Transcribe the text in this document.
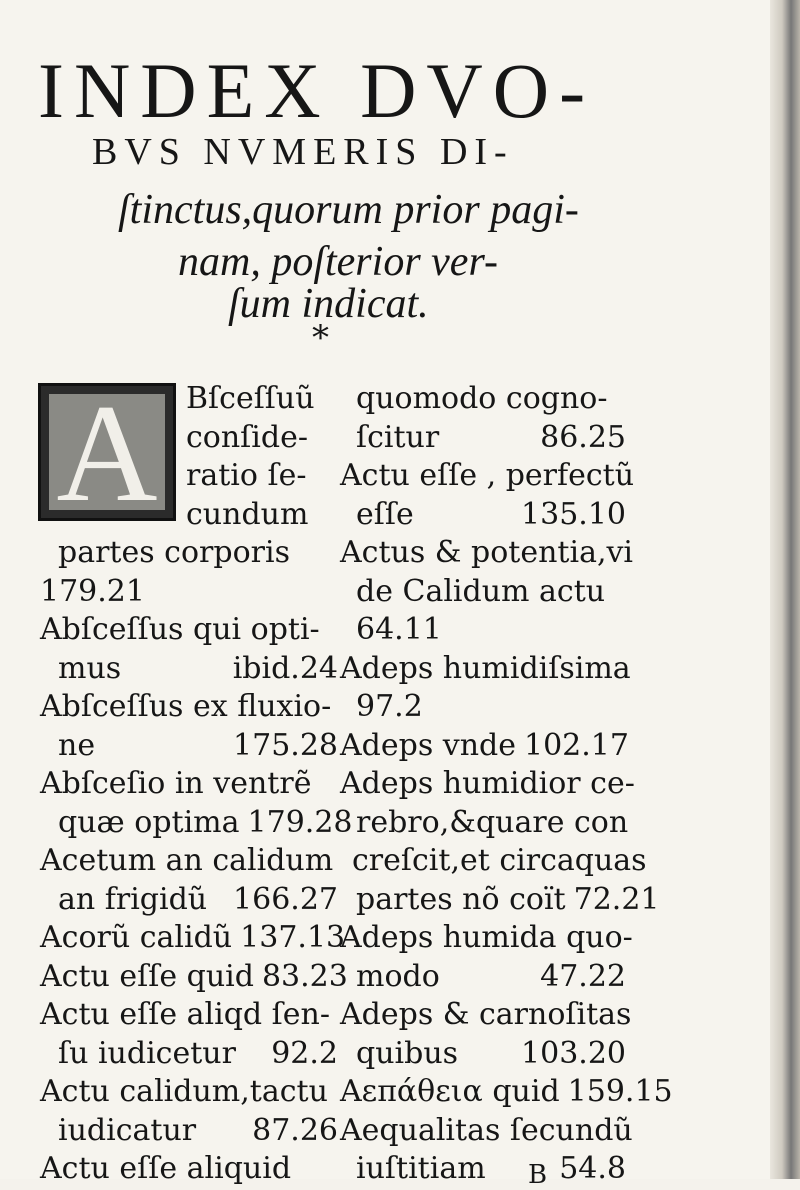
INDEX DVO-
BVS NVMERIS DI-
ſtinctus,quorum prior pagi-
nam, poſterior ver-
ſum indicat.
*
A Bſceſſuũ
conſide-
ratio ſe-
cundum
partes corporis
179.21
Abſceſſus qui opti-
mus	ibid.24
Abſceſſus ex fluxio-
ne	175.28
Abſceſio in ventrẽ
quæ optima 179.28
Acetum an calidum
an frigidũ 166.27
Acorũ calidũ 137.13
Actu eſſe quid 83.23
Actu eſſe aliqd ſen-
ſu iudicetur 92.2
Actu calidum,tactu
iudicatur 87.26
Actu eſſe aliquid
quomodo cogno-
ſcitur	86.25
Actu eſſe , perfectũ
eſſe	135.10
Actus & potentia,vi
de Calidum actu
64.11
Adeps humidiſsima
97.2
Adeps vnde 102.17
Adeps humidior ce-
rebro,&quare con
creſcit,et circaquas
partes nõ coït 72.21
Adeps humida quo-
modo	47.22
Adeps & carnoſitas
quibus 103.20
Aεπάθεια quid 159.15
Aequalitas ſecundũ
iuſtitiam 54.8
B
